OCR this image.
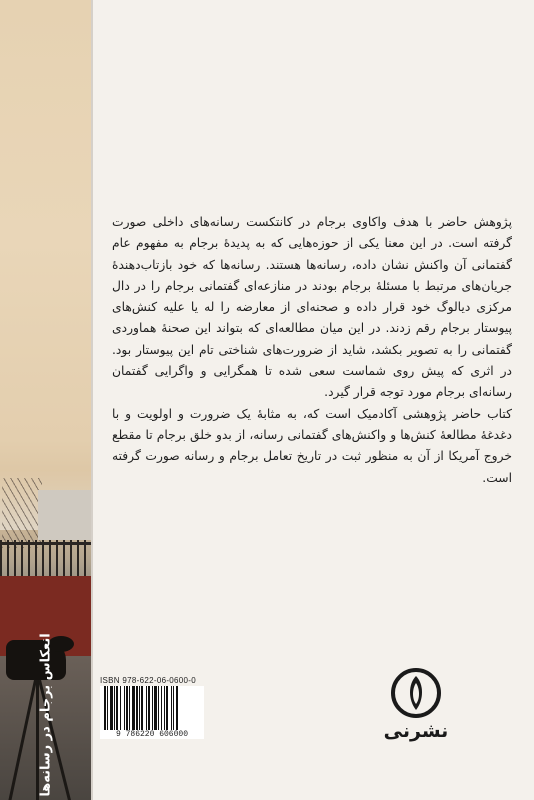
انعکاس برجام در رسانه‌ها

پژوهش حاضر با هدف واکاوی برجام در کانتکست رسانه‌های داخلی صورت گرفته است. در این معنا یکی از حوزه‌هایی که به پدیدهٔ برجام به مفهوم عام گفتمانی آن واکنش نشان داده، رسانه‌ها هستند. رسانه‌ها که خود بازتاب‌دهندهٔ جریان‌های مرتبط با مسئلهٔ برجام بودند در منازعه‌ای گفتمانی برجام را در دال مرکزی دیالوگ خود قرار داده و صحنه‌ای از معارضه را له یا علیه کنش‌های پیوستار برجام رقم زدند. در این میان مطالعه‌ای که بتواند این صحنهٔ هماوردی گفتمانی را به تصویر بکشد، شاید از ضرورت‌های شناختی تام این پیوستار بود. در اثری که پیش روی شماست سعی شده تا همگرایی و واگرایی گفتمان رسانه‌ای برجام مورد توجه قرار گیرد.

کتاب حاضر پژوهشی آکادمیک است که، به مثابهٔ یک ضرورت و اولویت و با دغدغهٔ مطالعهٔ کنش‌ها و واکنش‌های گفتمانی رسانه، از بدو خلق برجام تا مقطع خروج آمریکا از آن به منظور ثبت در تاریخ تعامل برجام و رسانه صورت گرفته است.

ISBN 978-622-06-0600-0
9 786220 606000	نشرنی
